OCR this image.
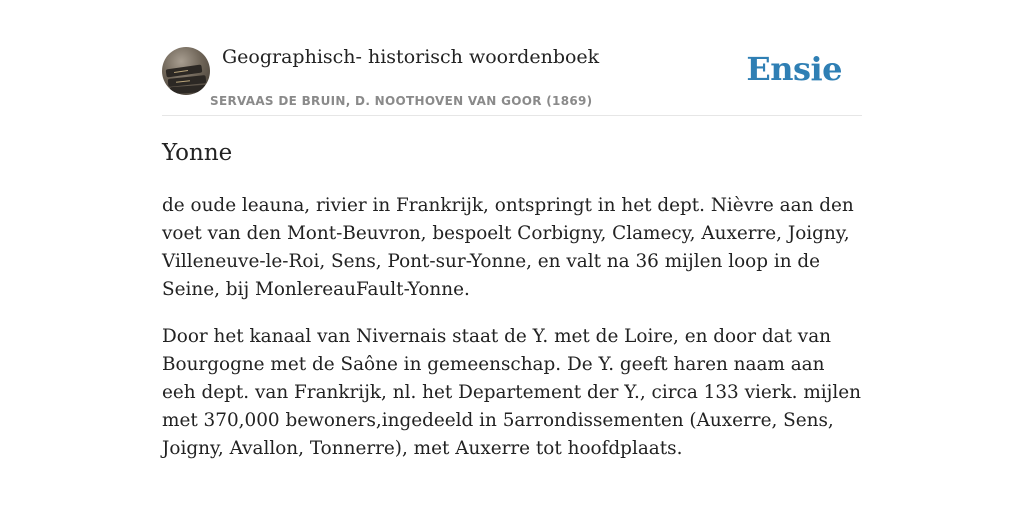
Geographisch- historisch woordenboek
SERVAAS DE BRUIN, D. NOOTHOVEN VAN GOOR (1869)
Ensie
Yonne

de oude leauna, rivier in Frankrijk, ontspringt in het dept. Nièvre aan den voet van den Mont-Beuvron, bespoelt Corbigny, Clamecy, Auxerre, Joigny, Villeneuve-le-Roi, Sens, Pont-sur-Yonne, en valt na 36 mijlen loop in de Seine, bij MonlereauFault-Yonne.

Door het kanaal van Nivernais staat de Y. met de Loire, en door dat van Bourgogne met de Saône in gemeenschap. De Y. geeft haren naam aan eeh dept. van Frankrijk, nl. het Departement der Y., circa 133 vierk. mijlen met 370,000 bewoners,ingedeeld in 5arrondissementen (Auxerre, Sens, Joigny, Avallon, Tonnerre), met Auxerre tot hoofdplaats.
